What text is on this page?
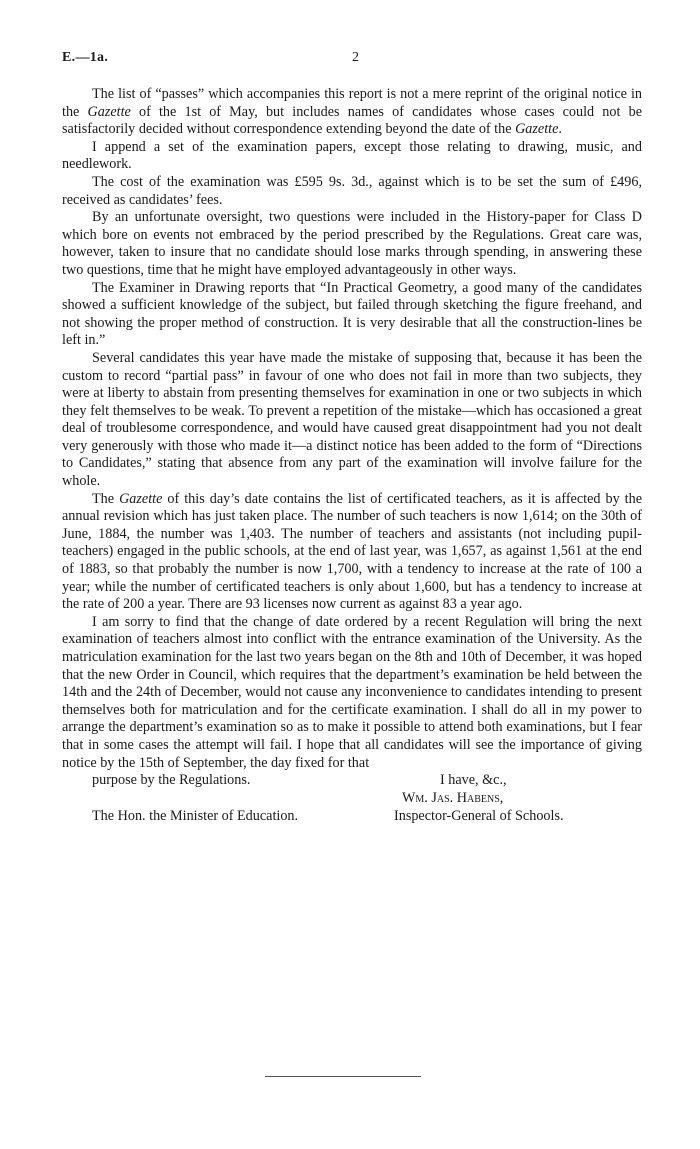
E.—1a.	2

The list of “passes” which accompanies this report is not a mere reprint of the original notice in the Gazette of the 1st of May, but includes names of candidates whose cases could not be satisfactorily decided without correspondence extending beyond the date of the Gazette.

I append a set of the examination papers, except those relating to drawing, music, and needlework.

The cost of the examination was £595 9s. 3d., against which is to be set the sum of £496, received as candidates’ fees.

By an unfortunate oversight, two questions were included in the History-paper for Class D which bore on events not embraced by the period prescribed by the Regulations. Great care was, however, taken to insure that no candidate should lose marks through spending, in answering these two questions, time that he might have employed advantageously in other ways.

The Examiner in Drawing reports that “In Practical Geometry, a good many of the candidates showed a sufficient knowledge of the subject, but failed through sketching the figure freehand, and not showing the proper method of construction. It is very desirable that all the construction-lines be left in.”

Several candidates this year have made the mistake of supposing that, because it has been the custom to record “partial pass” in favour of one who does not fail in more than two subjects, they were at liberty to abstain from presenting themselves for examination in one or two subjects in which they felt themselves to be weak. To prevent a repetition of the mistake—which has occasioned a great deal of troublesome correspondence, and would have caused great disappointment had you not dealt very generously with those who made it—a distinct notice has been added to the form of “Directions to Candidates,” stating that absence from any part of the examination will involve failure for the whole.

The Gazette of this day’s date contains the list of certificated teachers, as it is affected by the annual revision which has just taken place. The number of such teachers is now 1,614; on the 30th of June, 1884, the number was 1,403. The number of teachers and assistants (not including pupil-teachers) engaged in the public schools, at the end of last year, was 1,657, as against 1,561 at the end of 1883, so that probably the number is now 1,700, with a tendency to increase at the rate of 100 a year; while the number of certificated teachers is only about 1,600, but has a tendency to increase at the rate of 200 a year. There are 93 licenses now current as against 83 a year ago.

I am sorry to find that the change of date ordered by a recent Regulation will bring the next examination of teachers almost into conflict with the entrance examination of the University. As the matriculation examination for the last two years began on the 8th and 10th of December, it was hoped that the new Order in Council, which requires that the department’s examination be held between the 14th and the 24th of December, would not cause any inconvenience to candidates intending to present themselves both for matriculation and for the certificate examination. I shall do all in my power to arrange the department’s examination so as to make it possible to attend both examinations, but I fear that in some cases the attempt will fail. I hope that all candidates will see the importance of giving notice by the 15th of September, the day fixed for that

purpose by the Regulations.	I have, &c.,
Wm. Jas. Habens,
The Hon. the Minister of Education.	Inspector-General of Schools.
